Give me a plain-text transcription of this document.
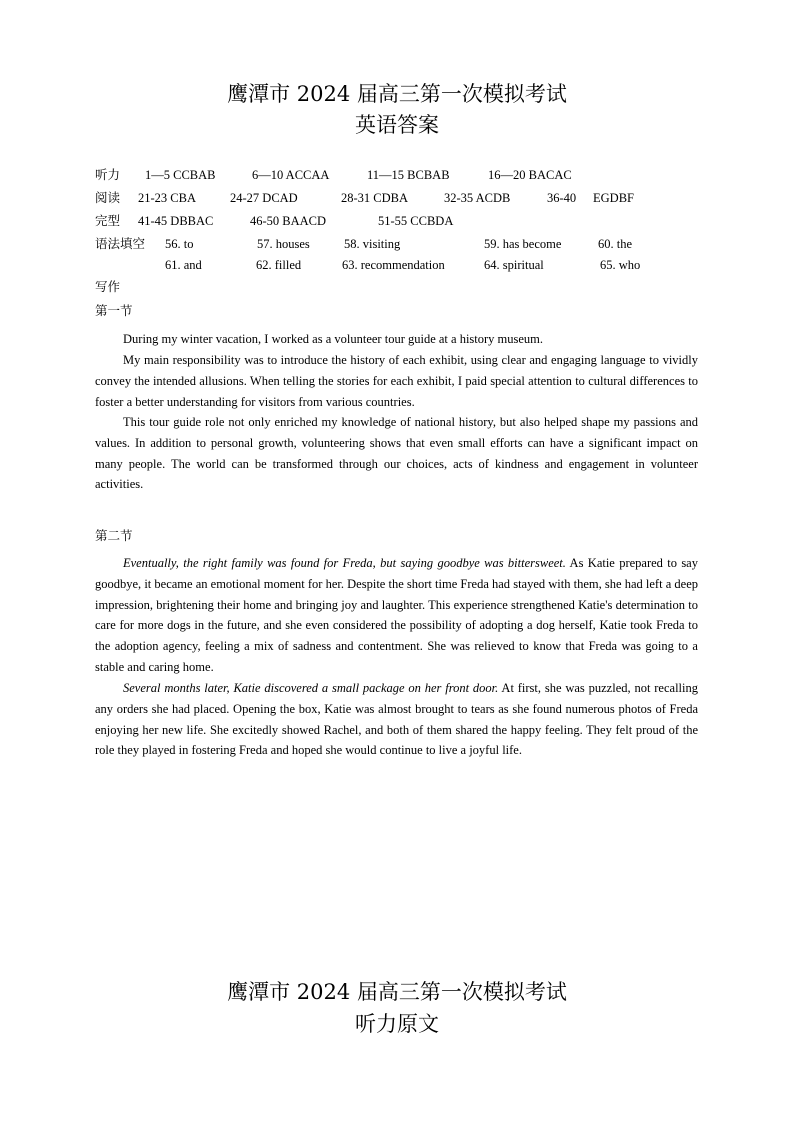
鹰潭市 2024 届高三第一次模拟考试
英语答案
听力 1—5 CCBAB	6—10 ACCAA	11—15 BCBAB	16—20 BACAC
阅读 21-23 CBA	24-27 DCAD	28-31 CDBA	32-35 ACDB	36-40 EGDBF
完型 41-45 DBBAC	46-50 BAACD	51-55 CCBDA
语法填空 56. to	57. houses	58. visiting	59. has become	60. the
61. and	62. filled	63. recommendation	64. spiritual	65. who
写作
第一节

During my winter vacation, I worked as a volunteer tour guide at a history museum.

My main responsibility was to introduce the history of each exhibit, using clear and engaging language to vividly convey the intended allusions. When telling the stories for each exhibit, I paid special attention to cultural differences to foster a better understanding for visitors from various countries.

This tour guide role not only enriched my knowledge of national history, but also helped shape my passions and values. In addition to personal growth, volunteering shows that even small efforts can have a significant impact on many people. The world can be transformed through our choices, acts of kindness and engagement in volunteer activities.

第二节

Eventually, the right family was found for Freda, but saying goodbye was bittersweet. As Katie prepared to say goodbye, it became an emotional moment for her. Despite the short time Freda had stayed with them, she had left a deep impression, brightening their home and bringing joy and laughter. This experience strengthened Katie's determination to care for more dogs in the future, and she even considered the possibility of adopting a dog herself, Katie took Freda to the adoption agency, feeling a mix of sadness and contentment. She was relieved to know that Freda was going to a stable and caring home.

Several months later, Katie discovered a small package on her front door. At first, she was puzzled, not recalling any orders she had placed. Opening the box, Katie was almost brought to tears as she found numerous photos of Freda enjoying her new life. She excitedly showed Rachel, and both of them shared the happy feeling. They felt proud of the role they played in fostering Freda and hoped she would continue to live a joyful life.

鹰潭市 2024 届高三第一次模拟考试
听力原文
